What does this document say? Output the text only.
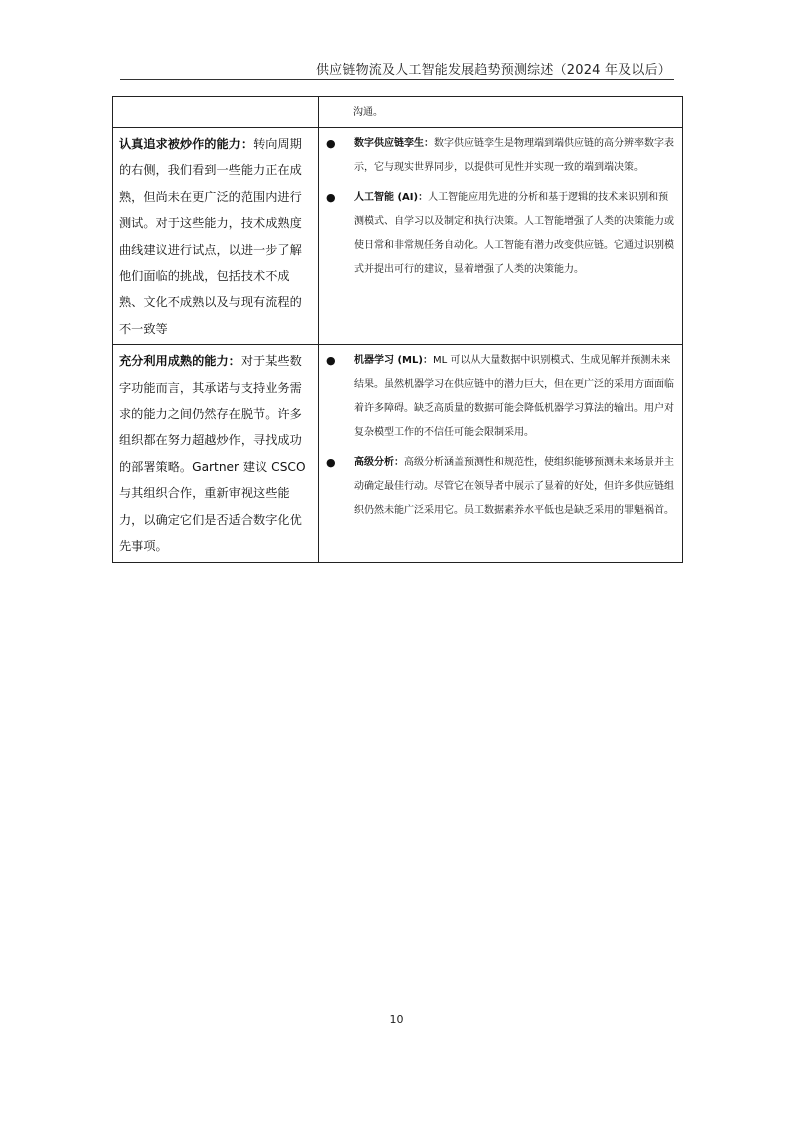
供应链物流及人工智能发展趋势预测综述（2024 年及以后）

	沟通。

认真追求被炒作的能力：转向周期的右侧，我们看到一些能力正在成熟，但尚未在更广泛的范围内进行测试。对于这些能力，技术成熟度曲线建议进行试点，以进一步了解他们面临的挑战，包括技术不成熟、文化不成熟以及与现有流程的不一致等	● 数字供应链孪生：数字供应链孪生是物理端到端供应链的高分辨率数字表示，它与现实世界同步，以提供可见性并实现一致的端到端决策。
● 人工智能 (AI)：人工智能应用先进的分析和基于逻辑的技术来识别和预测模式、自学习以及制定和执行决策。人工智能增强了人类的决策能力或使日常和非常规任务自动化。人工智能有潜力改变供应链。它通过识别模式并提出可行的建议，显着增强了人类的决策能力。

充分利用成熟的能力：对于某些数字功能而言，其承诺与支持业务需求的能力之间仍然存在脱节。许多组织都在努力超越炒作，寻找成功的部署策略。Gartner 建议 CSCO 与其组织合作，重新审视这些能力，以确定它们是否适合数字化优先事项。	● 机器学习 (ML)：ML 可以从大量数据中识别模式、生成见解并预测未来结果。虽然机器学习在供应链中的潜力巨大，但在更广泛的采用方面面临着许多障碍。缺乏高质量的数据可能会降低机器学习算法的输出。用户对复杂模型工作的不信任可能会限制采用。
● 高级分析：高级分析涵盖预测性和规范性，使组织能够预测未来场景并主动确定最佳行动。尽管它在领导者中展示了显着的好处，但许多供应链组织仍然未能广泛采用它。员工数据素养水平低也是缺乏采用的罪魁祸首。
10
